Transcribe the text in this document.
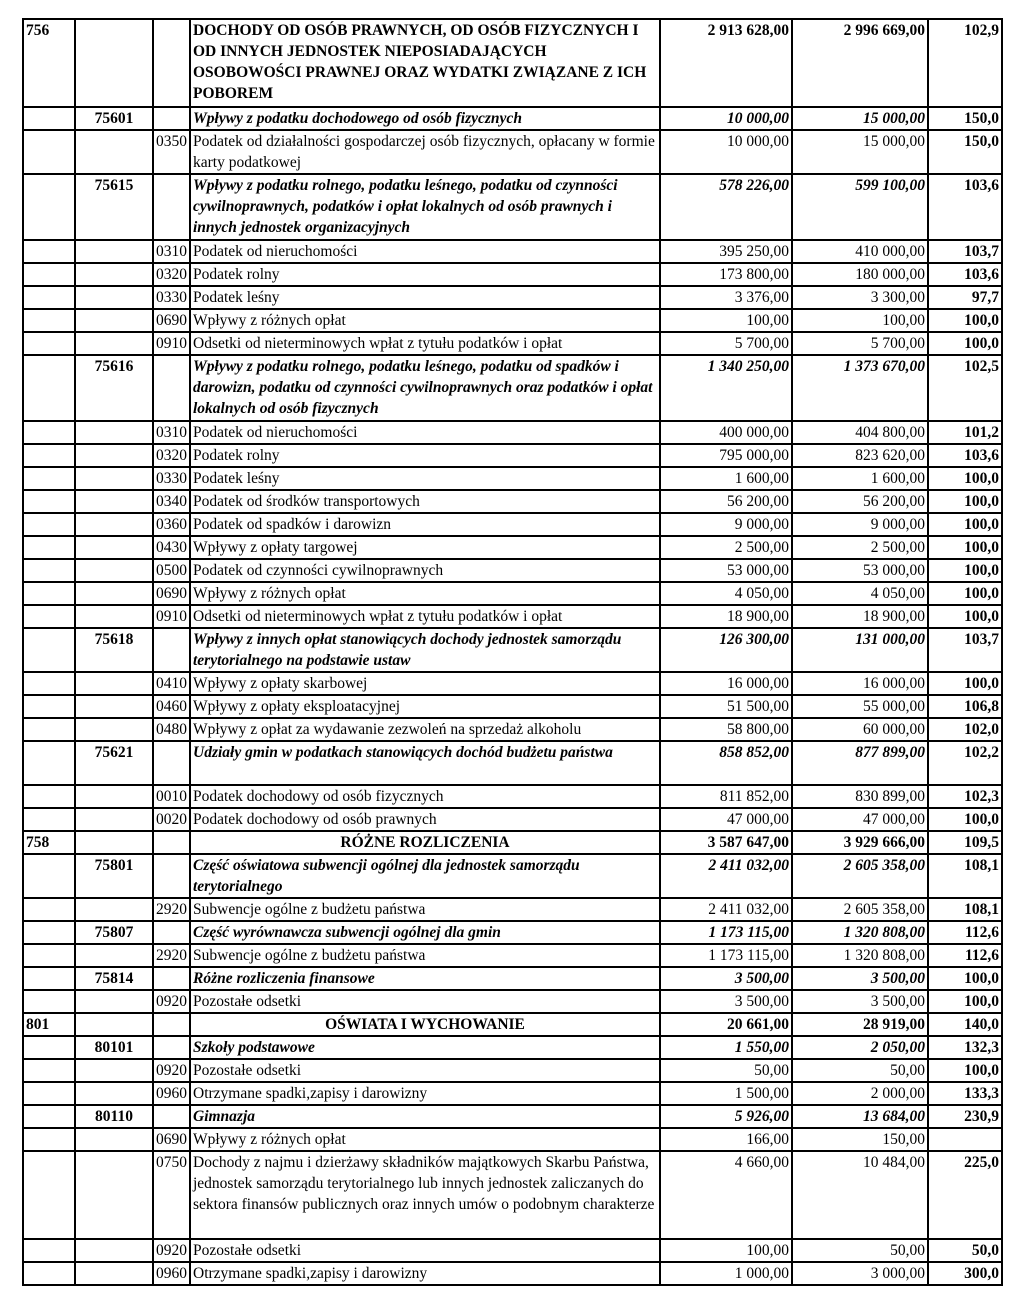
756			DOCHODY OD OSÓB PRAWNYCH, OD OSÓB FIZYCZNYCH I OD INNYCH JEDNOSTEK NIEPOSIADAJĄCYCH OSOBOWOŚCI PRAWNEJ ORAZ WYDATKI ZWIĄZANE Z ICH POBOREM	2 913 628,00	2 996 669,00	102,9
	75601		Wpływy z podatku dochodowego od osób fizycznych	10 000,00	15 000,00	150,0
		0350	Podatek od działalności gospodarczej osób fizycznych, opłacany w formie karty podatkowej	10 000,00	15 000,00	150,0
	75615		Wpływy z podatku rolnego, podatku leśnego, podatku od czynności cywilnoprawnych, podatków i opłat lokalnych od osób prawnych i innych jednostek organizacyjnych	578 226,00	599 100,00	103,6
		0310	Podatek od nieruchomości	395 250,00	410 000,00	103,7
		0320	Podatek rolny	173 800,00	180 000,00	103,6
		0330	Podatek leśny	3 376,00	3 300,00	97,7
		0690	Wpływy z różnych opłat	100,00	100,00	100,0
		0910	Odsetki od nieterminowych wpłat z tytułu podatków i opłat	5 700,00	5 700,00	100,0
	75616		Wpływy z podatku rolnego, podatku leśnego, podatku od spadków i darowizn, podatku od czynności cywilnoprawnych oraz podatków i opłat lokalnych od osób fizycznych	1 340 250,00	1 373 670,00	102,5
		0310	Podatek od nieruchomości	400 000,00	404 800,00	101,2
		0320	Podatek rolny	795 000,00	823 620,00	103,6
		0330	Podatek leśny	1 600,00	1 600,00	100,0
		0340	Podatek od środków transportowych	56 200,00	56 200,00	100,0
		0360	Podatek od spadków i darowizn	9 000,00	9 000,00	100,0
		0430	Wpływy z opłaty targowej	2 500,00	2 500,00	100,0
		0500	Podatek od czynności cywilnoprawnych	53 000,00	53 000,00	100,0
		0690	Wpływy z różnych opłat	4 050,00	4 050,00	100,0
		0910	Odsetki od nieterminowych wpłat z tytułu podatków i opłat	18 900,00	18 900,00	100,0
	75618		Wpływy z innych opłat stanowiących dochody jednostek samorządu terytorialnego na podstawie ustaw	126 300,00	131 000,00	103,7
		0410	Wpływy z opłaty skarbowej	16 000,00	16 000,00	100,0
		0460	Wpływy z opłaty eksploatacyjnej	51 500,00	55 000,00	106,8
		0480	Wpływy z opłat za wydawanie zezwoleń na sprzedaż alkoholu	58 800,00	60 000,00	102,0
	75621		Udziały gmin w podatkach stanowiących dochód budżetu państwa	858 852,00	877 899,00	102,2
		0010	Podatek dochodowy od osób fizycznych	811 852,00	830 899,00	102,3
		0020	Podatek dochodowy od osób prawnych	47 000,00	47 000,00	100,0
758			RÓŻNE ROZLICZENIA	3 587 647,00	3 929 666,00	109,5
	75801		Część oświatowa subwencji ogólnej dla jednostek samorządu terytorialnego	2 411 032,00	2 605 358,00	108,1
		2920	Subwencje ogólne z budżetu państwa	2 411 032,00	2 605 358,00	108,1
	75807		Część wyrównawcza subwencji ogólnej dla gmin	1 173 115,00	1 320 808,00	112,6
		2920	Subwencje ogólne z budżetu państwa	1 173 115,00	1 320 808,00	112,6
	75814		Różne rozliczenia finansowe	3 500,00	3 500,00	100,0
		0920	Pozostałe odsetki	3 500,00	3 500,00	100,0
801			OŚWIATA I WYCHOWANIE	20 661,00	28 919,00	140,0
	80101		Szkoły podstawowe	1 550,00	2 050,00	132,3
		0920	Pozostałe odsetki	50,00	50,00	100,0
		0960	Otrzymane spadki,zapisy i darowizny	1 500,00	2 000,00	133,3
	80110		Gimnazja	5 926,00	13 684,00	230,9
		0690	Wpływy z różnych opłat	166,00	150,00	
		0750	Dochody z najmu i dzierżawy składników majątkowych Skarbu Państwa, jednostek samorządu terytorialnego lub innych jednostek zaliczanych do sektora finansów publicznych oraz innych umów o podobnym charakterze	4 660,00	10 484,00	225,0
		0920	Pozostałe odsetki	100,00	50,00	50,0
		0960	Otrzymane spadki,zapisy i darowizny	1 000,00	3 000,00	300,0
